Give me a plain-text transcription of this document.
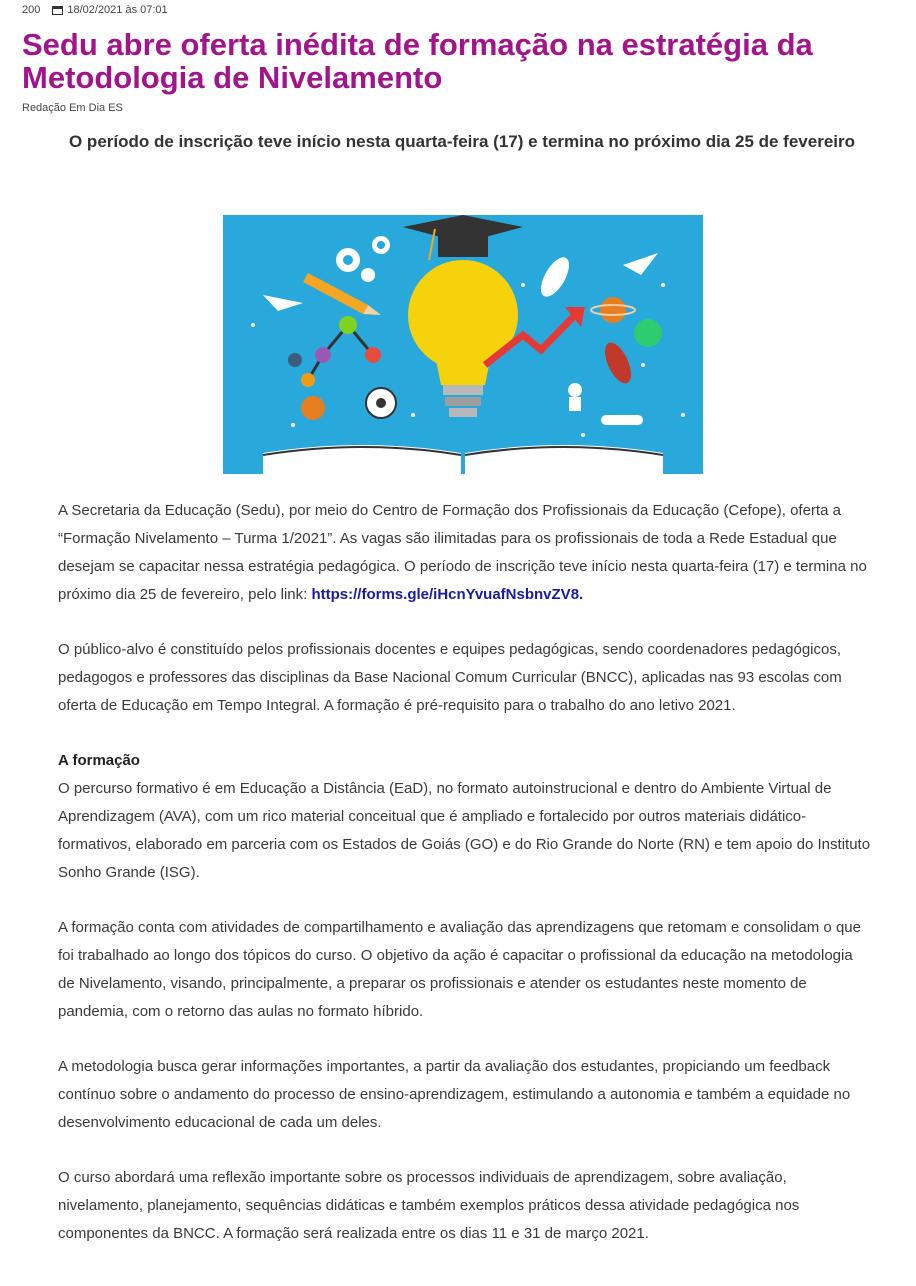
200 18/02/2021 às 07:01
Sedu abre oferta inédita de formação na estratégia da Metodologia de Nivelamento
Redação Em Dia ES

O período de inscrição teve início nesta quarta-feira (17) e termina no próximo dia 25 de fevereiro

A Secretaria da Educação (Sedu), por meio do Centro de Formação dos Profissionais da Educação (Cefope), oferta a “Formação Nivelamento – Turma 1/2021”. As vagas são ilimitadas para os profissionais de toda a Rede Estadual que desejam se capacitar nessa estratégia pedagógica. O período de inscrição teve início nesta quarta-feira (17) e termina no próximo dia 25 de fevereiro, pelo link: https://forms.gle/iHcnYvuafNsbnvZV8.

O público-alvo é constituído pelos profissionais docentes e equipes pedagógicas, sendo coordenadores pedagógicos, pedagogos e professores das disciplinas da Base Nacional Comum Curricular (BNCC), aplicadas nas 93 escolas com oferta de Educação em Tempo Integral. A formação é pré-requisito para o trabalho do ano letivo 2021.

A formação

O percurso formativo é em Educação a Distância (EaD), no formato autoinstrucional e dentro do Ambiente Virtual de Aprendizagem (AVA), com um rico material conceitual que é ampliado e fortalecido por outros materiais didático-formativos, elaborado em parceria com os Estados de Goiás (GO) e do Rio Grande do Norte (RN) e tem apoio do Instituto Sonho Grande (ISG).

A formação conta com atividades de compartilhamento e avaliação das aprendizagens que retomam e consolidam o que foi trabalhado ao longo dos tópicos do curso. O objetivo da ação é capacitar o profissional da educação na metodologia de Nivelamento, visando, principalmente, a preparar os profissionais e atender os estudantes neste momento de pandemia, com o retorno das aulas no formato híbrido.

A metodologia busca gerar informações importantes, a partir da avaliação dos estudantes, propiciando um feedback contínuo sobre o andamento do processo de ensino-aprendizagem, estimulando a autonomia e também a equidade no desenvolvimento educacional de cada um deles.

O curso abordará uma reflexão importante sobre os processos individuais de aprendizagem, sobre avaliação, nivelamento, planejamento, sequências didáticas e também exemplos práticos dessa atividade pedagógica nos componentes da BNCC. A formação será realizada entre os dias 11 e 31 de março 2021.
